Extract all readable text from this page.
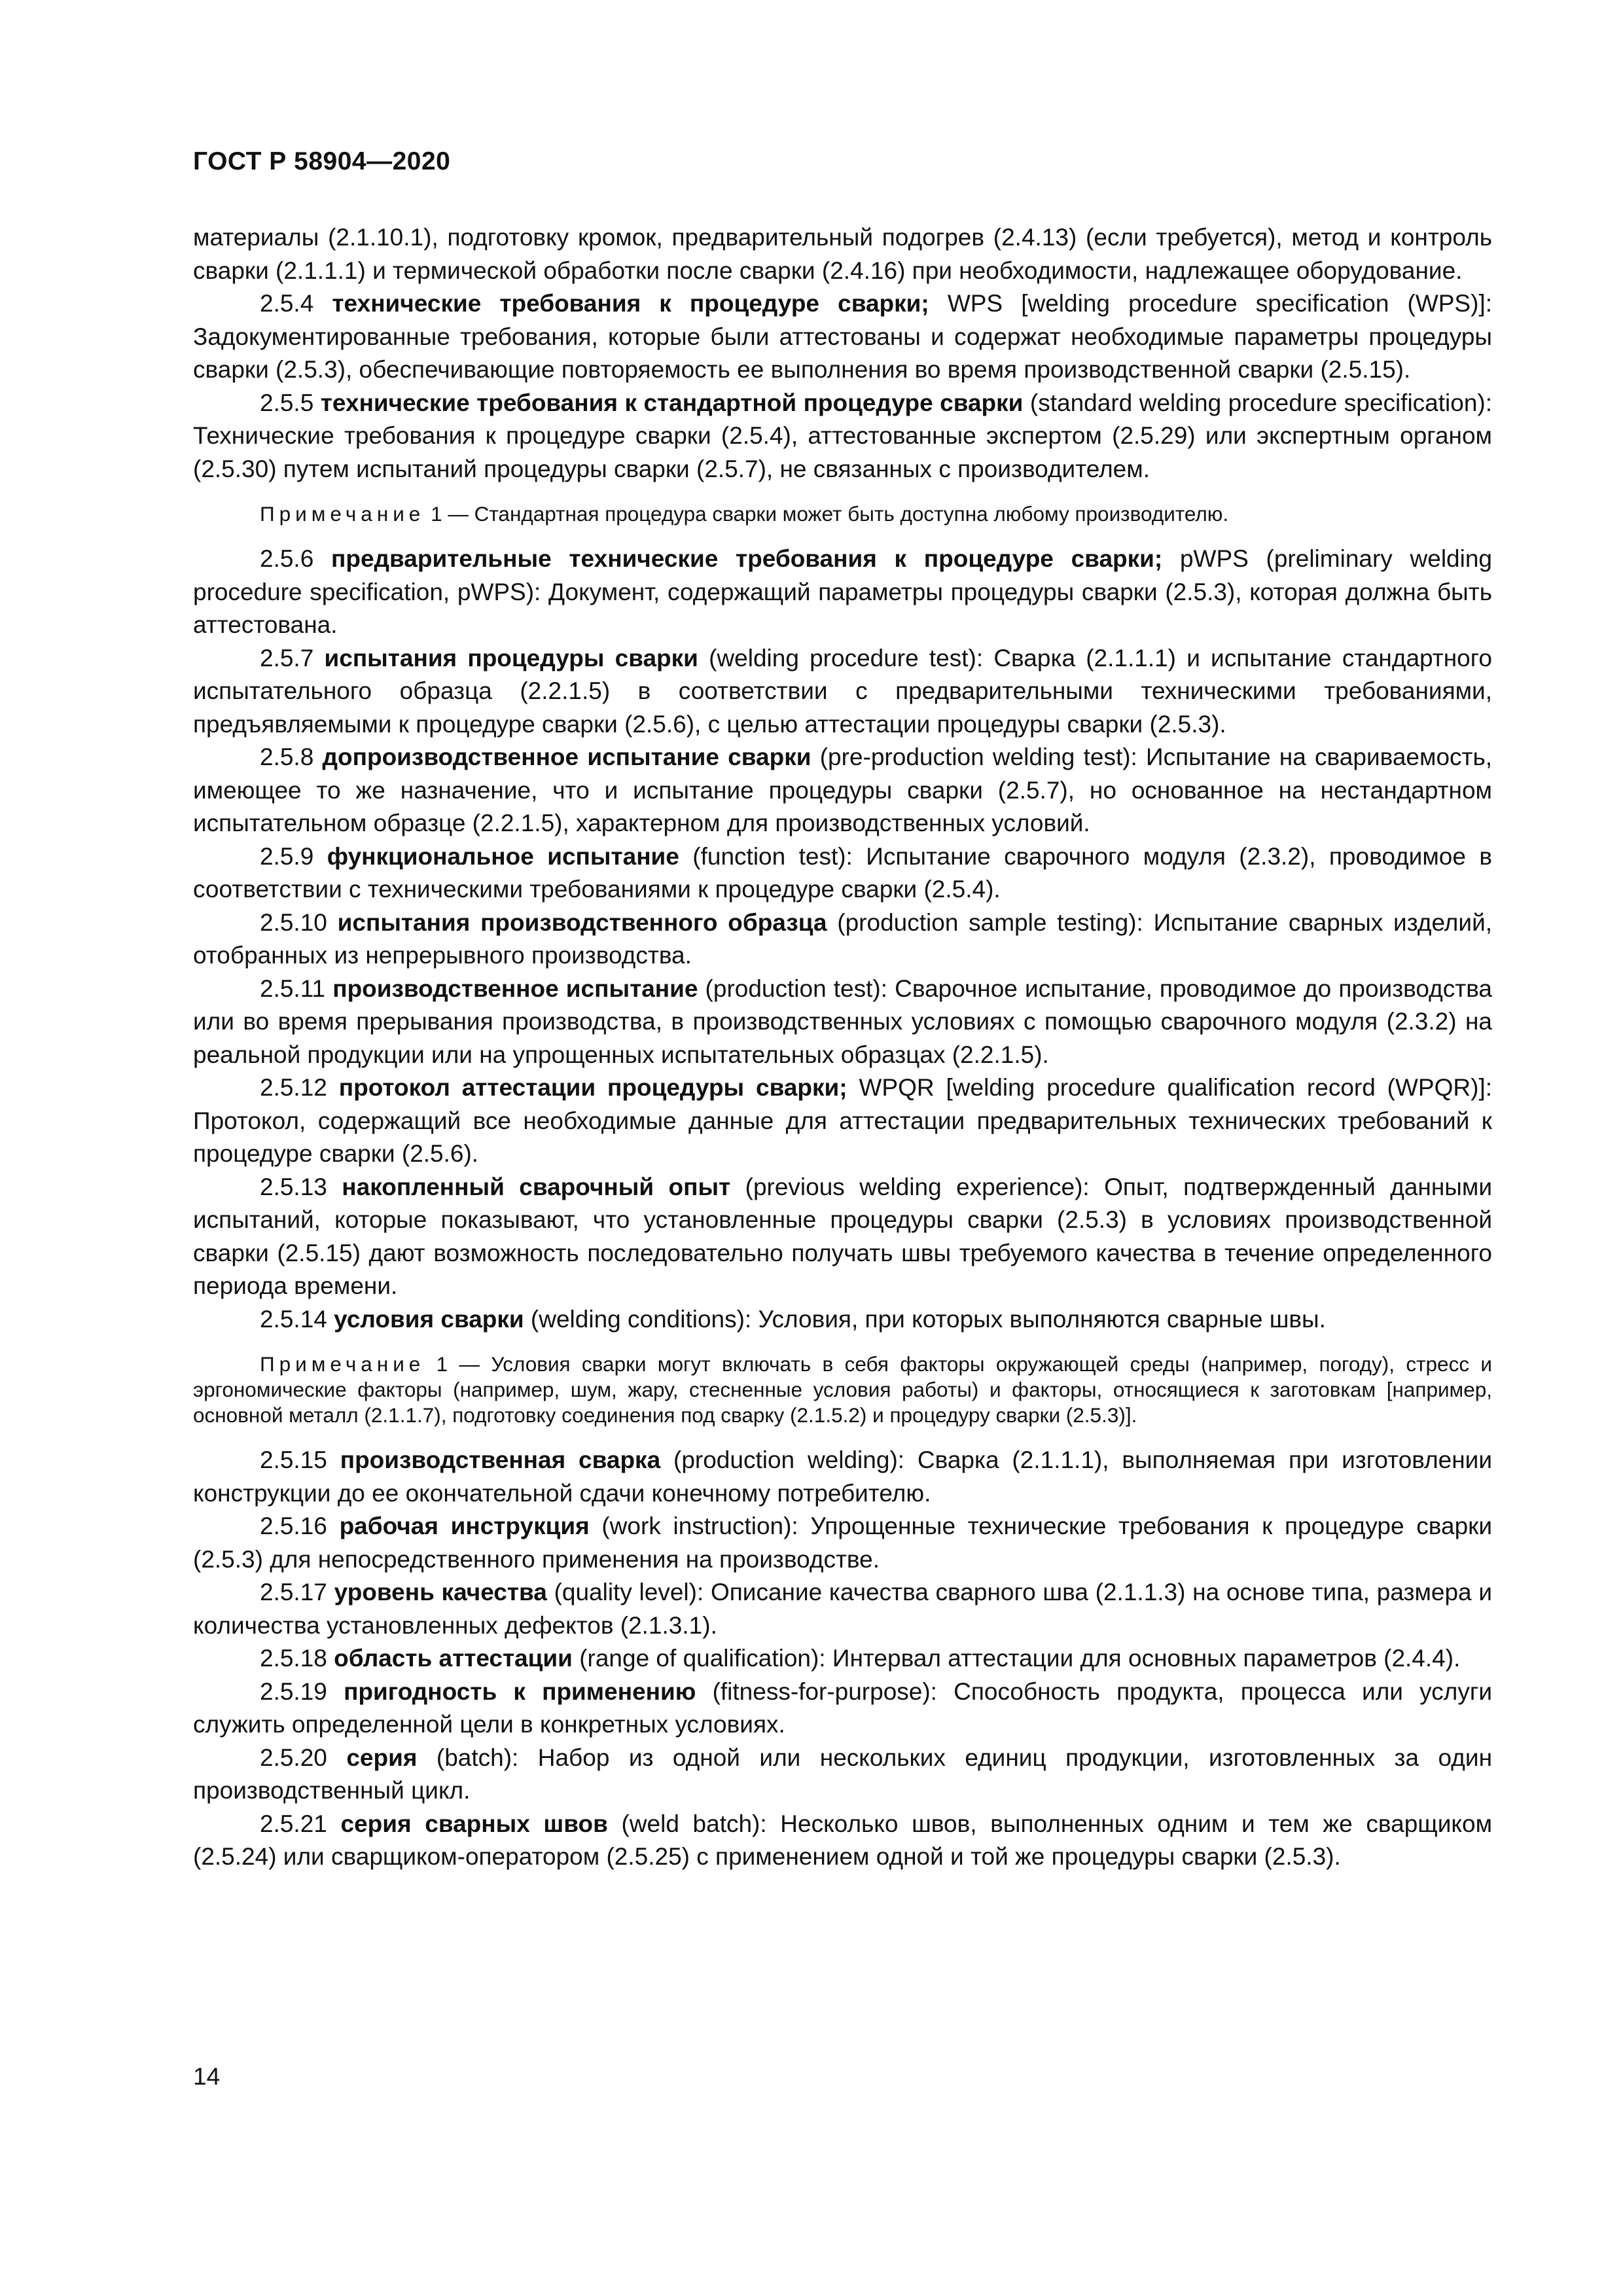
ГОСТ Р 58904—2020

материалы (2.1.10.1), подготовку кромок, предварительный подогрев (2.4.13) (если требуется), метод и контроль сварки (2.1.1.1) и термической обработки после сварки (2.4.16) при необходимости, надлежащее оборудование.

2.5.4 технические требования к процедуре сварки; WPS [welding procedure specification (WPS)]: Задокументированные требования, которые были аттестованы и содержат необходимые параметры процедуры сварки (2.5.3), обеспечивающие повторяемость ее выполнения во время производственной сварки (2.5.15).

2.5.5 технические требования к стандартной процедуре сварки (standard welding procedure specification): Технические требования к процедуре сварки (2.5.4), аттестованные экспертом (2.5.29) или экспертным органом (2.5.30) путем испытаний процедуры сварки (2.5.7), не связанных с производителем.

Примечание 1 — Стандартная процедура сварки может быть доступна любому производителю.

2.5.6 предварительные технические требования к процедуре сварки; pWPS (preliminary welding procedure specification, pWPS): Документ, содержащий параметры процедуры сварки (2.5.3), которая должна быть аттестована.

2.5.7 испытания процедуры сварки (welding procedure test): Сварка (2.1.1.1) и испытание стандартного испытательного образца (2.2.1.5) в соответствии с предварительными техническими требованиями, предъявляемыми к процедуре сварки (2.5.6), с целью аттестации процедуры сварки (2.5.3).

2.5.8 допроизводственное испытание сварки (pre-production welding test): Испытание на свариваемость, имеющее то же назначение, что и испытание процедуры сварки (2.5.7), но основанное на нестандартном испытательном образце (2.2.1.5), характерном для производственных условий.

2.5.9 функциональное испытание (function test): Испытание сварочного модуля (2.3.2), проводимое в соответствии с техническими требованиями к процедуре сварки (2.5.4).

2.5.10 испытания производственного образца (production sample testing): Испытание сварных изделий, отобранных из непрерывного производства.

2.5.11 производственное испытание (production test): Сварочное испытание, проводимое до производства или во время прерывания производства, в производственных условиях с помощью сварочного модуля (2.3.2) на реальной продукции или на упрощенных испытательных образцах (2.2.1.5).

2.5.12 протокол аттестации процедуры сварки; WPQR [welding procedure qualification record (WPQR)]: Протокол, содержащий все необходимые данные для аттестации предварительных технических требований к процедуре сварки (2.5.6).

2.5.13 накопленный сварочный опыт (previous welding experience): Опыт, подтвержденный данными испытаний, которые показывают, что установленные процедуры сварки (2.5.3) в условиях производственной сварки (2.5.15) дают возможность последовательно получать швы требуемого качества в течение определенного периода времени.

2.5.14 условия сварки (welding conditions): Условия, при которых выполняются сварные швы.

Примечание 1 — Условия сварки могут включать в себя факторы окружающей среды (например, погоду), стресс и эргономические факторы (например, шум, жару, стесненные условия работы) и факторы, относящиеся к заготовкам [например, основной металл (2.1.1.7), подготовку соединения под сварку (2.1.5.2) и процедуру сварки (2.5.3)].

2.5.15 производственная сварка (production welding): Сварка (2.1.1.1), выполняемая при изготовлении конструкции до ее окончательной сдачи конечному потребителю.

2.5.16 рабочая инструкция (work instruction): Упрощенные технические требования к процедуре сварки (2.5.3) для непосредственного применения на производстве.

2.5.17 уровень качества (quality level): Описание качества сварного шва (2.1.1.3) на основе типа, размера и количества установленных дефектов (2.1.3.1).

2.5.18 область аттестации (range of qualification): Интервал аттестации для основных параметров (2.4.4).

2.5.19 пригодность к применению (fitness-for-purpose): Способность продукта, процесса или услуги служить определенной цели в конкретных условиях.

2.5.20 серия (batch): Набор из одной или нескольких единиц продукции, изготовленных за один производственный цикл.

2.5.21 серия сварных швов (weld batch): Несколько швов, выполненных одним и тем же сварщиком (2.5.24) или сварщиком-оператором (2.5.25) с применением одной и той же процедуры сварки (2.5.3).

14
